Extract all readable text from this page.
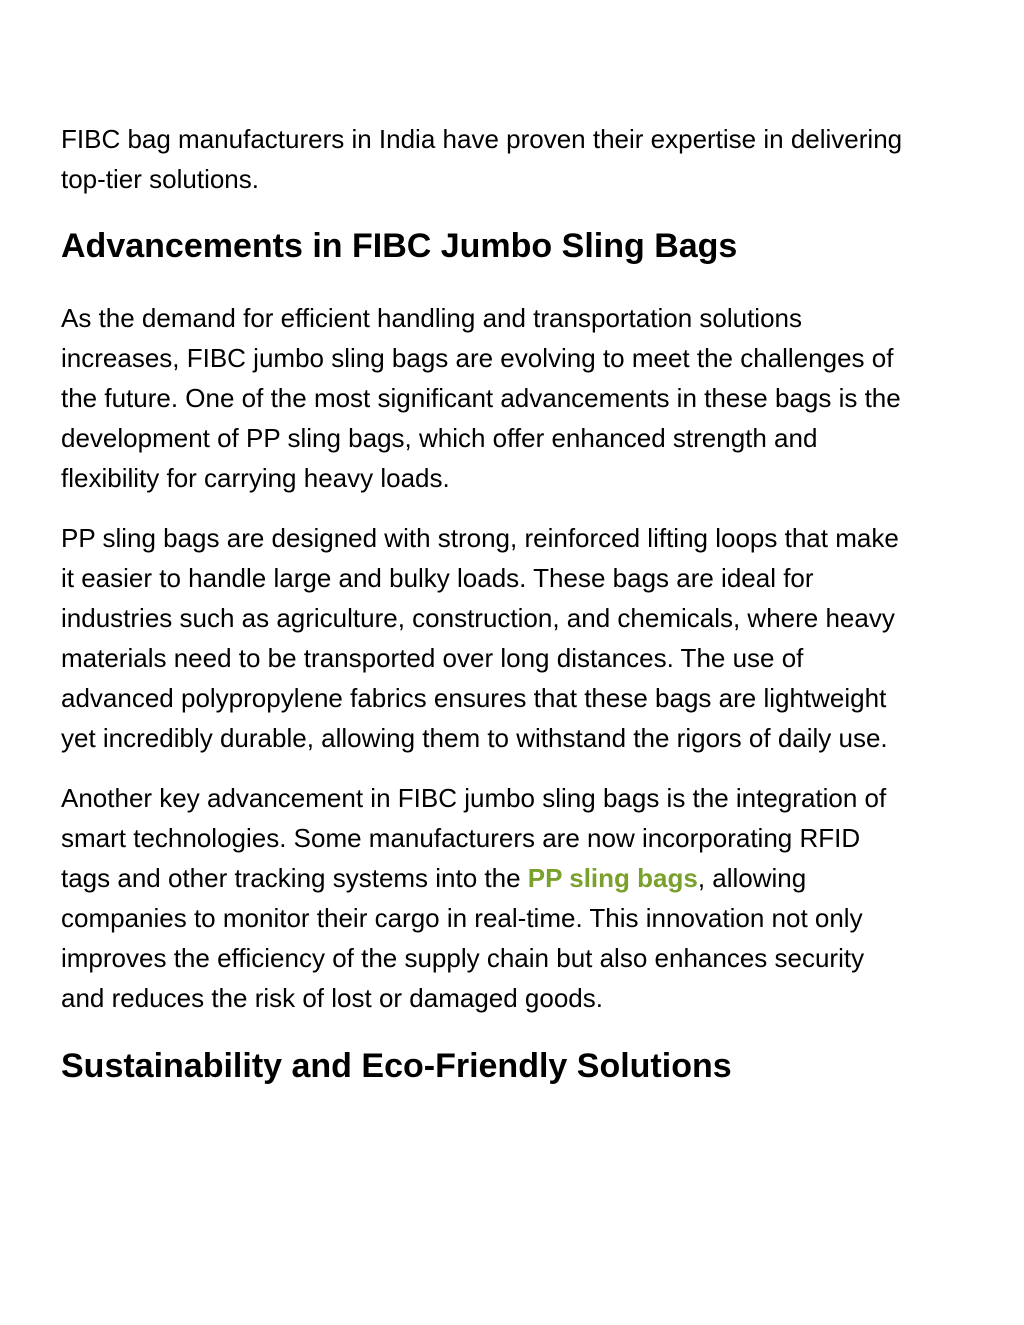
FIBC bag manufacturers in India have proven their expertise in delivering top-tier solutions.

Advancements in FIBC Jumbo Sling Bags

As the demand for efficient handling and transportation solutions increases, FIBC jumbo sling bags are evolving to meet the challenges of the future. One of the most significant advancements in these bags is the development of PP sling bags, which offer enhanced strength and flexibility for carrying heavy loads.

PP sling bags are designed with strong, reinforced lifting loops that make it easier to handle large and bulky loads. These bags are ideal for industries such as agriculture, construction, and chemicals, where heavy materials need to be transported over long distances. The use of advanced polypropylene fabrics ensures that these bags are lightweight yet incredibly durable, allowing them to withstand the rigors of daily use.

Another key advancement in FIBC jumbo sling bags is the integration of smart technologies. Some manufacturers are now incorporating RFID tags and other tracking systems into the PP sling bags, allowing companies to monitor their cargo in real-time. This innovation not only improves the efficiency of the supply chain but also enhances security and reduces the risk of lost or damaged goods.

Sustainability and Eco-Friendly Solutions
